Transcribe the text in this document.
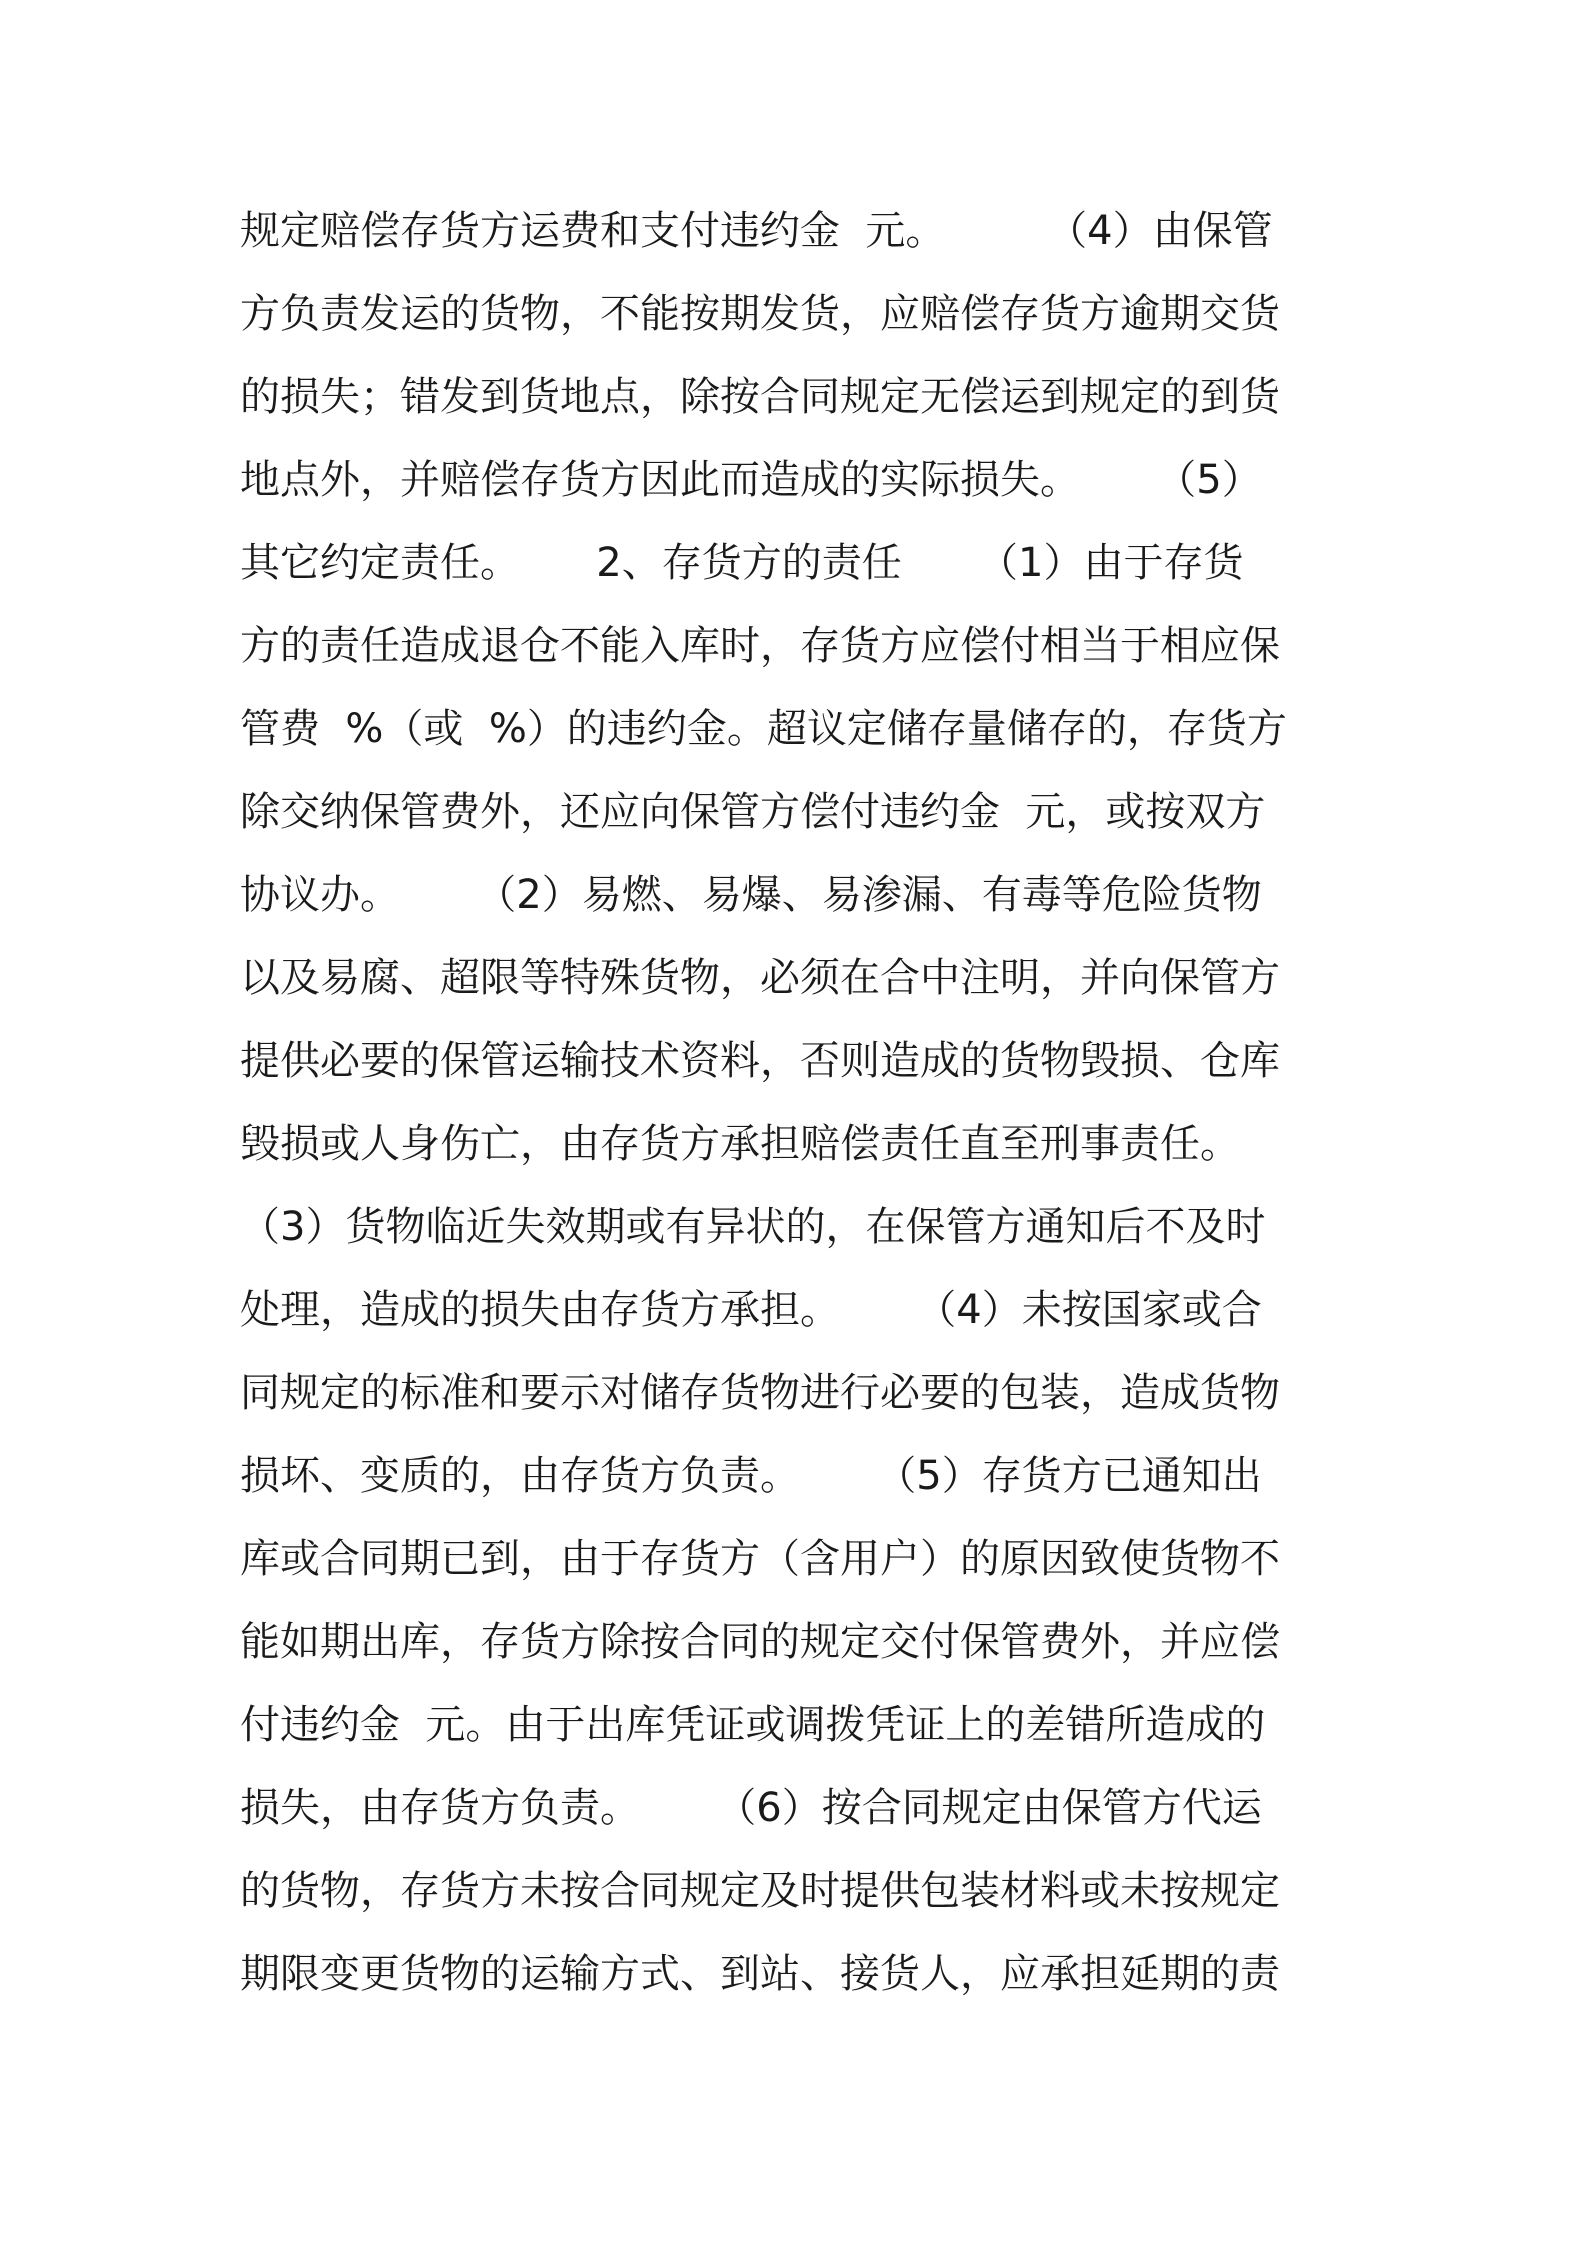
规定赔偿存货方运费和支付违约金  元。        （4）由保管
方负责发运的货物，不能按期发货，应赔偿存货方逾期交货
的损失；错发到货地点，除按合同规定无偿运到规定的到货
地点外，并赔偿存货方因此而造成的实际损失。      （5）
其它约定责任。      2、存货方的责任      （1）由于存货
方的责任造成退仓不能入库时，存货方应偿付相当于相应保
管费  %（或  %）的违约金。超议定储存量储存的，存货方
除交纳保管费外，还应向保管方偿付违约金  元，或按双方
协议办。      （2）易燃、易爆、易渗漏、有毒等危险货物
以及易腐、超限等特殊货物，必须在合中注明，并向保管方
提供必要的保管运输技术资料，否则造成的货物毁损、仓库
毁损或人身伤亡，由存货方承担赔偿责任直至刑事责任。
（3）货物临近失效期或有异状的，在保管方通知后不及时
处理，造成的损失由存货方承担。      （4）未按国家或合
同规定的标准和要示对储存货物进行必要的包装，造成货物
损坏、变质的，由存货方负责。      （5）存货方已通知出
库或合同期已到，由于存货方（含用户）的原因致使货物不
能如期出库，存货方除按合同的规定交付保管费外，并应偿
付违约金  元。由于出库凭证或调拨凭证上的差错所造成的
损失，由存货方负责。      （6）按合同规定由保管方代运
的货物，存货方未按合同规定及时提供包装材料或未按规定
期限变更货物的运输方式、到站、接货人，应承担延期的责
